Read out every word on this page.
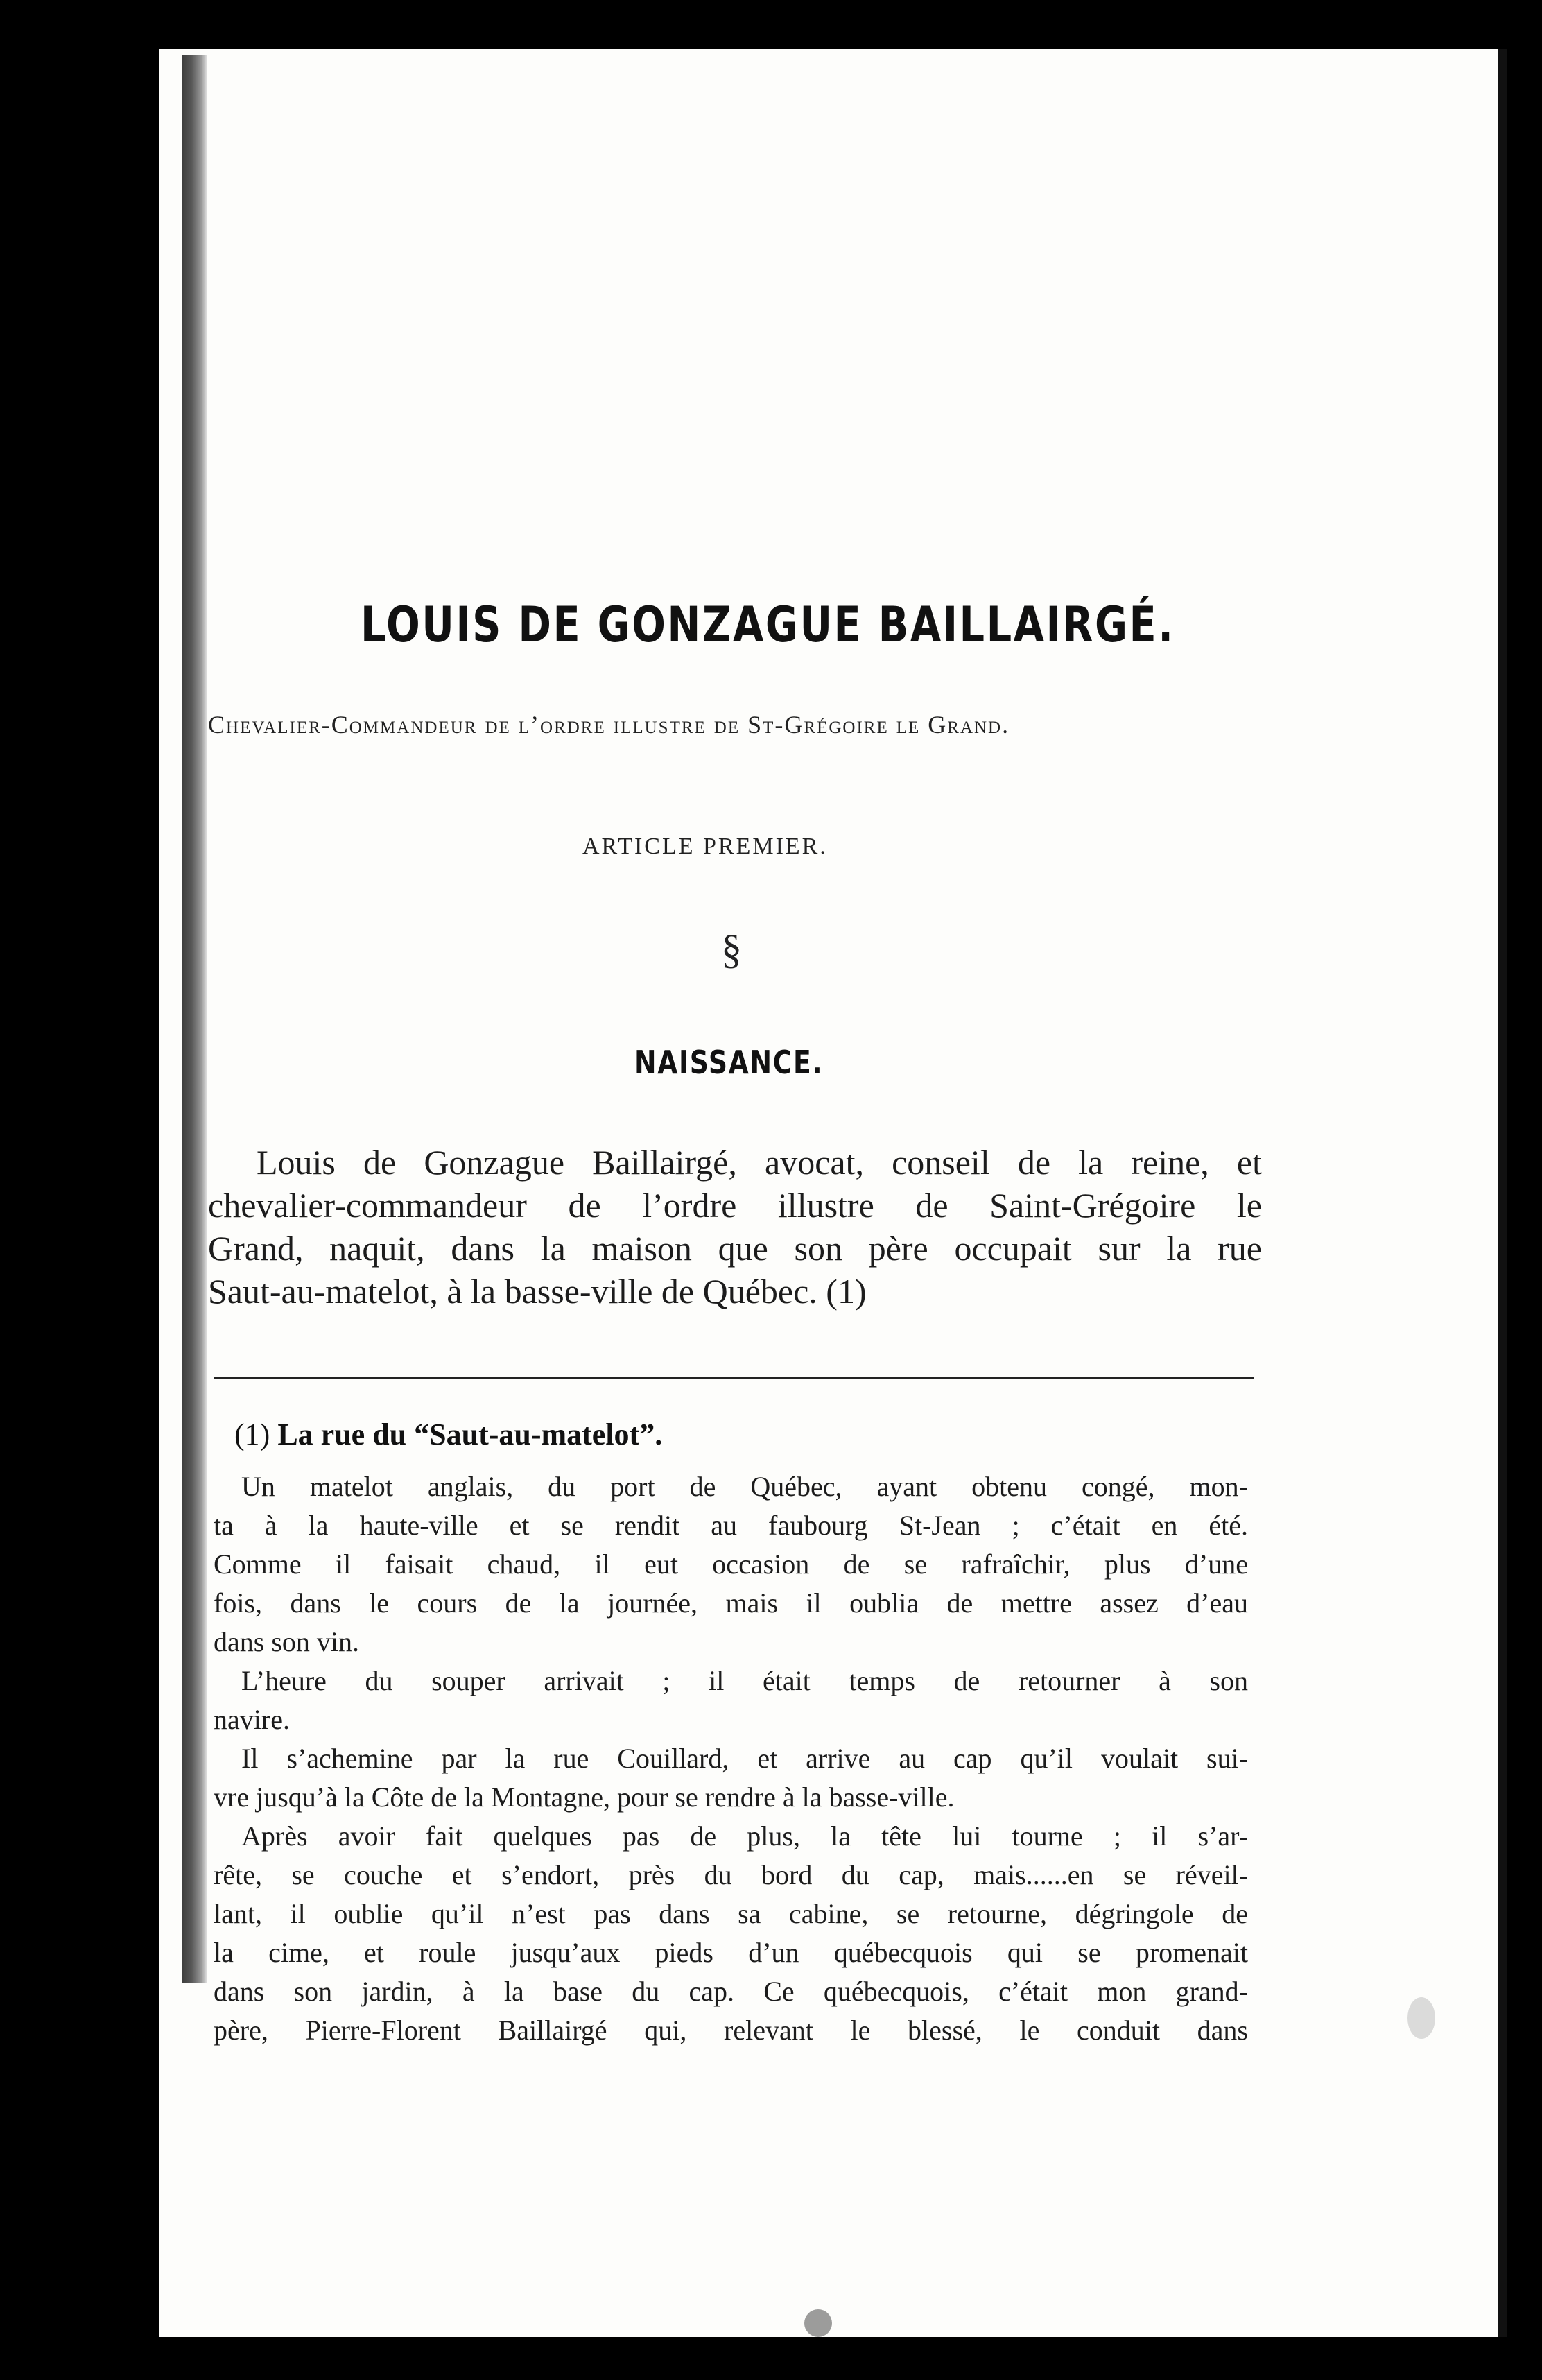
LOUIS DE GONZAGUE BAILLAIRGÉ.
Chevalier-Commandeur de l’ordre illustre de St-Grégoire le Grand.
ARTICLE PREMIER.
§
NAISSANCE.
Louis de Gonzague Baillairgé, avocat, conseil de la reine, et
chevalier-commandeur de l’ordre illustre de Saint-Grégoire le
Grand, naquit, dans la maison que son père occupait sur la rue
Saut-au-matelot, à la basse-ville de Québec. (1)
(1) La rue du “Saut-au-matelot”.
Un matelot anglais, du port de Québec, ayant obtenu congé, mon-
ta à la haute-ville et se rendit au faubourg St-Jean ; c’était en été.
Comme il faisait chaud, il eut occasion de se rafraîchir, plus d’une
fois, dans le cours de la journée, mais il oublia de mettre assez d’eau
dans son vin.
L’heure du souper arrivait ; il était temps de retourner à son
navire.
Il s’achemine par la rue Couillard, et arrive au cap qu’il voulait sui-
vre jusqu’à la Côte de la Montagne, pour se rendre à la basse-ville.
Après avoir fait quelques pas de plus, la tête lui tourne ; il s’ar-
rête, se couche et s’endort, près du bord du cap, mais......en se réveil-
lant, il oublie qu’il n’est pas dans sa cabine, se retourne, dégringole de
la cime, et roule jusqu’aux pieds d’un québecquois qui se promenait
dans son jardin, à la base du cap. Ce québecquois, c’était mon grand-
père, Pierre-Florent Baillairgé qui, relevant le blessé, le conduit dans
